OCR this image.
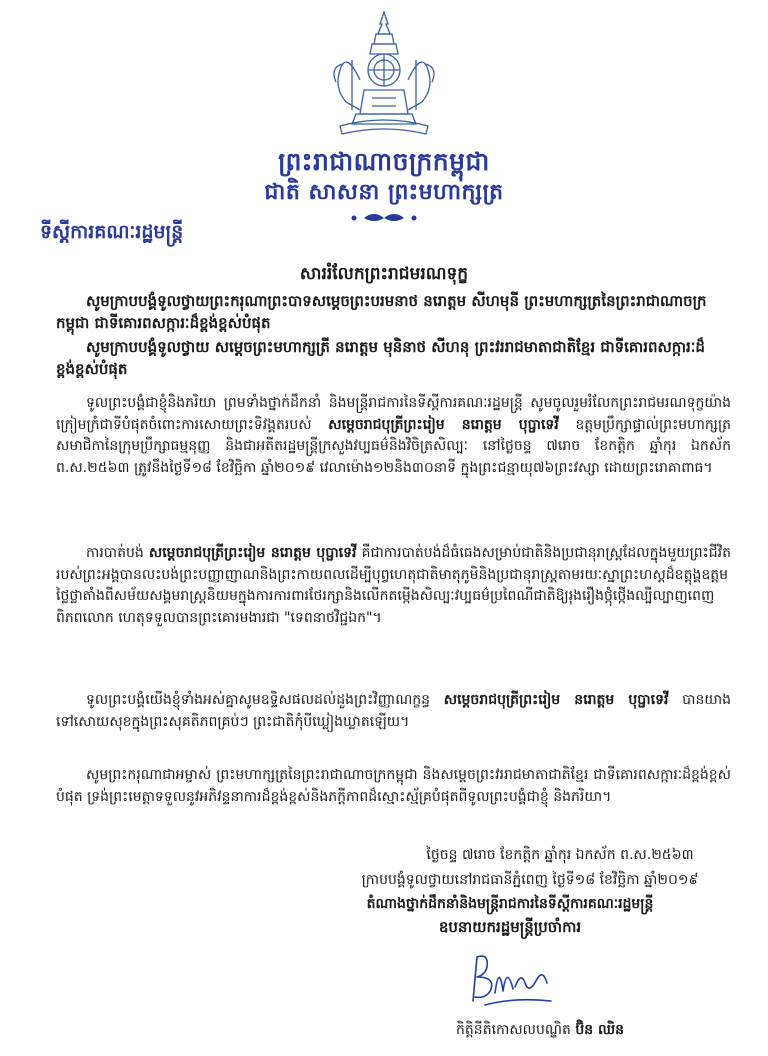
ព្រះរាជាណាចក្រកម្ពុជា
ជាតិ សាសនា ព្រះមហាក្សត្រ
ទីស្ដីការគណៈរដ្ឋមន្ត្រី
សាររំលែកព្រះរាជមរណទុក្ខ
សូមក្រាបបង្គំទូលថ្វាយព្រះករុណាព្រះបាទសម្ដេចព្រះបរមនាថ នរោត្តម សីហមុនី ព្រះមហាក្សត្រនៃព្រះរាជាណាចក្រកម្ពុជា ជាទីគោរពសក្ការៈដ៏ខ្ពង់ខ្ពស់បំផុត
សូមក្រាបបង្គំទូលថ្វាយ សម្ដេចព្រះមហាក្សត្រី នរោត្តម មុនិនាថ សីហនុ ព្រះវររាជមាតាជាតិខ្មែរ ជាទីគោរពសក្ការៈដ៏ខ្ពង់ខ្ពស់បំផុត
ទូលព្រះបង្គំជាខ្ញុំនិងភរិយា ព្រមទាំងថ្នាក់ដឹកនាំ និងមន្ត្រីរាជការនៃទីស្ដីការគណៈរដ្ឋមន្ត្រី សូមចូលរួមរំលែកព្រះរាជមរណទុក្ខយ៉ាងក្រៀមក្រំជាទីបំផុតចំពោះការសោយព្រះទិវង្គតរបស់ សម្ដេចរាជបុត្រីព្រះរៀម នរោត្តម បុប្ផាទេវី ឧត្តមប្រឹក្សាផ្ទាល់ព្រះមហាក្សត្រ សមាជិកានៃក្រុមប្រឹក្សាធម្មនុញ្ញ និងជាអតីតរដ្ឋមន្ត្រីក្រសួងវប្បធម៌និងវិចិត្រសិល្បៈ នៅថ្ងៃចន្ទ ៧រោច ខែកត្ដិក ឆ្នាំកុរ ឯកស័ក ព.ស.២៥៦៣ ត្រូវនឹងថ្ងៃទី១៨ ខែវិច្ឆិកា ឆ្នាំ២០១៩ វេលាម៉ោង១២និង៣០នាទី ក្នុងព្រះជន្មាយុ៧៦ព្រះវស្សា ដោយព្រះរោគាពាធ។
ការបាត់បង់ សម្ដេចរាជបុត្រីព្រះរៀម នរោត្តម បុប្ផាទេវី គឺជាការបាត់បង់ដ៏ធំធេងសម្រាប់ជាតិនិងប្រជានុរាស្ត្រដែលក្នុងមួយព្រះជីវិតរបស់ព្រះអង្គបានលះបង់ព្រះបញ្ញាញាណនិងព្រះកាយពលដើម្បីបុព្វហេតុជាតិមាតុភូមិនិងប្រជានុរាស្ត្រតាមរយៈស្នាព្រះហស្តដ៏ឧត្តុង្គឧត្តមថ្លៃថ្លាតាំងពីសម័យសង្គមរាស្ត្រនិយមក្នុងការការពារថែរក្សានិងលើកតម្កើងសិល្បៈវប្បធម៌ប្រពៃណីជាតិឱ្យរុងរឿងថ្កុំថ្កើងល្បីល្បាញពេញពិភពលោក ហេតុទទួលបានព្រះគោរមងារជា "ទេពនាថវិជ្ជឯក"។
ទូលព្រះបង្គំយើងខ្ញុំទាំងអស់គ្នាសូមឧទ្ទិសផលដល់ដួងព្រះវិញ្ញាណក្ខន្ធ សម្ដេចរាជបុត្រីព្រះរៀម នរោត្តម បុប្ផាទេវី បានយាងទៅសោយសុខក្នុងព្រះសុគតិភពគ្រប់ៗ ព្រះជាតិកុំបីឃ្លៀងឃ្លាតឡើយ។
សូមព្រះករុណាជាអម្ចាស់ ព្រះមហាក្សត្រនៃព្រះរាជាណាចក្រកម្ពុជា និងសម្ដេចព្រះវររាជមាតាជាតិខ្មែរ ជាទីគោរពសក្ការៈដ៏ខ្ពង់ខ្ពស់បំផុត ទ្រង់ព្រះមេត្តាទទួលនូវអភិវន្ទនាការដ៏ខ្ពង់ខ្ពស់និងភក្ដីភាពដ៏ស្មោះស្ម័គ្របំផុតពីទូលព្រះបង្គំជាខ្ញុំ និងភរិយា។
ថ្ងៃចន្ទ ៧រោច ខែកត្ដិក ឆ្នាំកុរ ឯកស័ក ព.ស.២៥៦៣
ក្រាបបង្គំទូលថ្វាយនៅរាជធានីភ្នំពេញ ថ្ងៃទី១៨ ខែវិច្ឆិកា ឆ្នាំ២០១៩
តំណាងថ្នាក់ដឹកនាំនិងមន្ត្រីរាជការនៃទីស្ដីការគណៈរដ្ឋមន្ត្រី
ឧបនាយករដ្ឋមន្ត្រីប្រចាំការ
កិត្តិនីតិកោសលបណ្ឌិត ប៊ិន ឈិន
